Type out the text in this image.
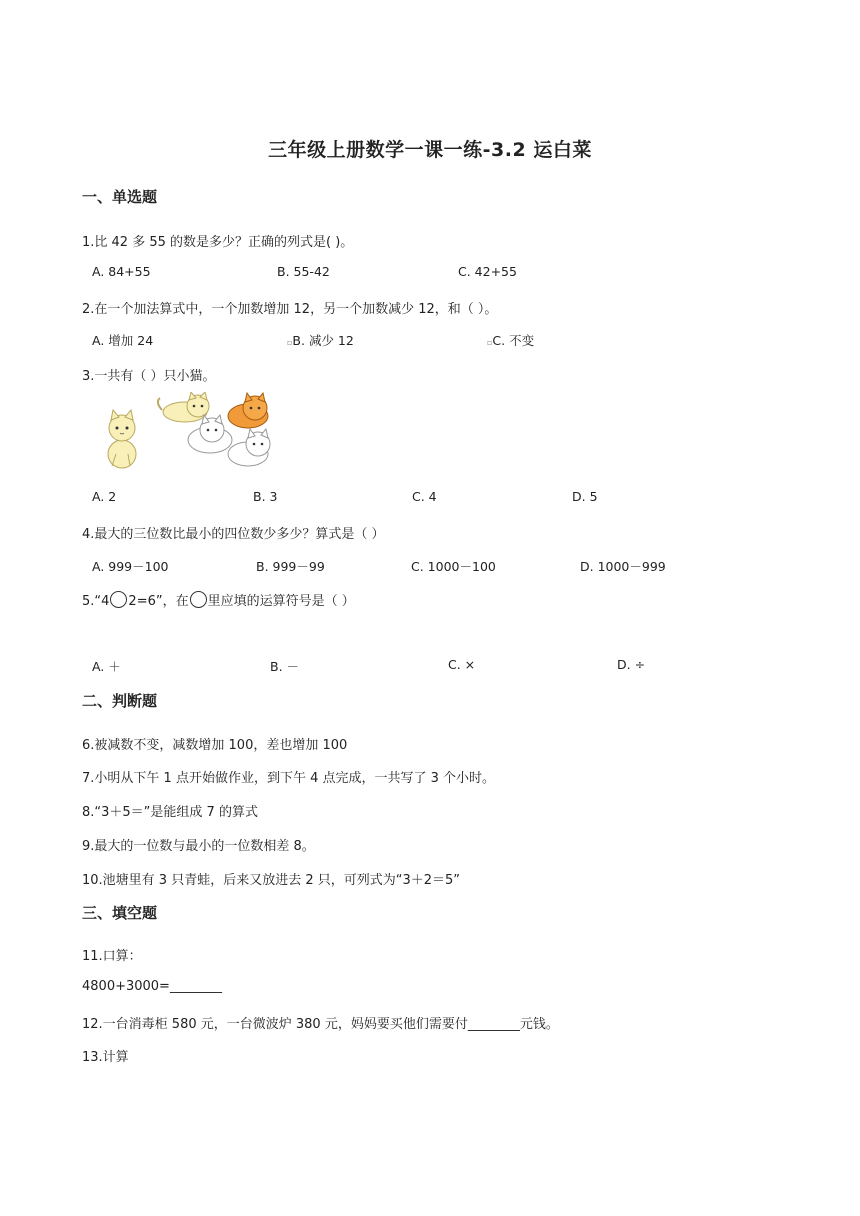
三年级上册数学一课一练-3.2 运白菜
一、单选题
1.比 42 多 55 的数是多少？正确的列式是( )。
A. 84+55	B. 55-42	C. 42+55
2.在一个加法算式中，一个加数增加 12，另一个加数减少 12，和（ ）。
A. 增加 24	▫B. 减少 12	▫C. 不变
3.一共有（ ）只小猫。
A. 2	B. 3	C. 4	D. 5
4.最大的三位数比最小的四位数少多少？算式是（ ）
A. 999－100	B. 999－99	C. 1000－100	D. 1000－999
5.“4 2=6”，在 里应填的运算符号是（ ）
A. ＋	B. －	C. ×	D. ÷
二、判断题
6.被减数不变，减数增加 100，差也增加 100
7.小明从下午 1 点开始做作业，到下午 4 点完成，一共写了 3 个小时。
8.“3＋5＝”是能组成 7 的算式
9.最大的一位数与最小的一位数相差 8。
10.池塘里有 3 只青蛙，后来又放进去 2 只，可列式为“3＋2＝5”
三、填空题
11.口算：
4800+3000=________
12.一台消毒柜 580 元，一台微波炉 380 元，妈妈要买他们需要付________元钱。
13.计算
